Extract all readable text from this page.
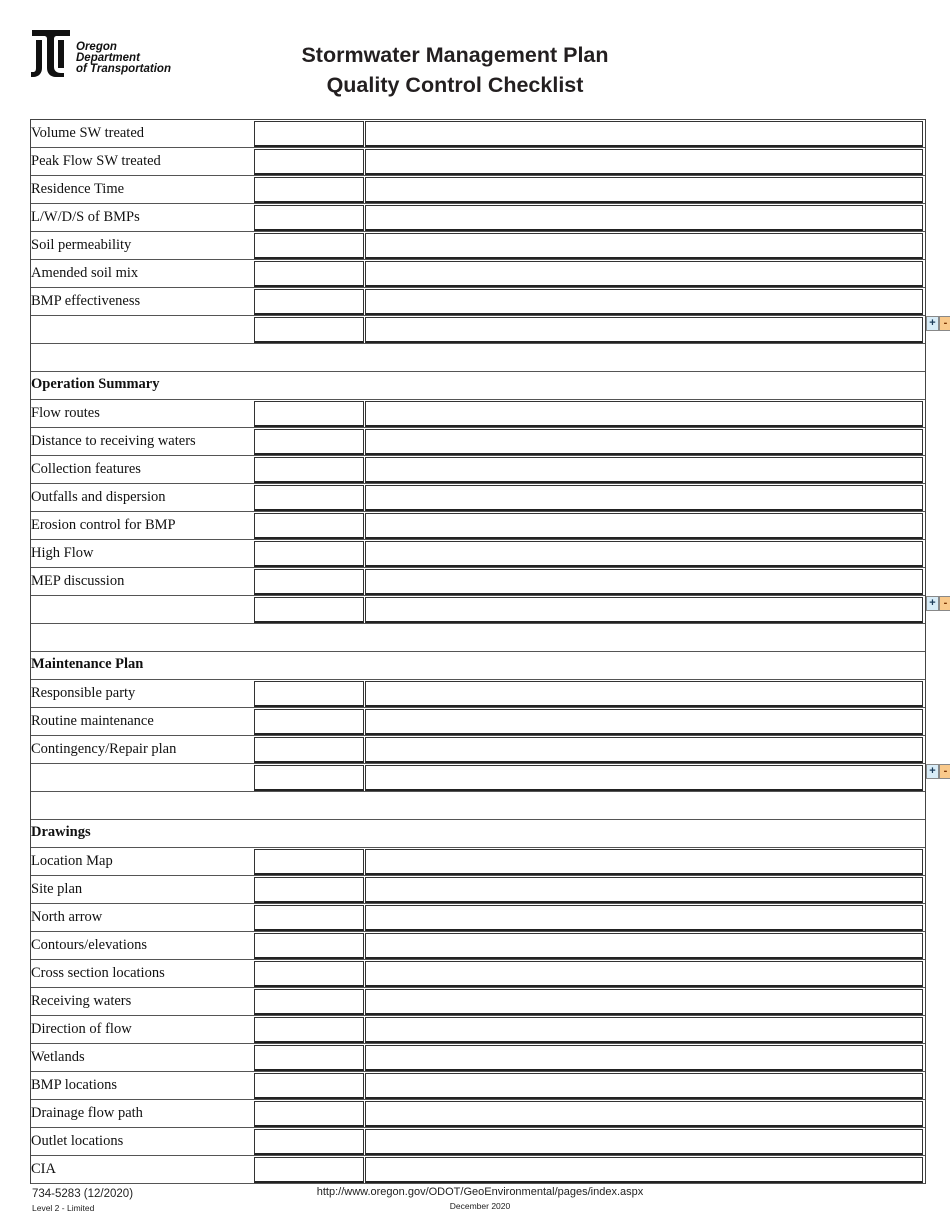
Oregon
Department
of Transportation
Stormwater Management Plan
Quality Control Checklist
Volume SW treated
Peak Flow SW treated
Residence Time
L/W/D/S of BMPs
Soil permeability
Amended soil mix
BMP effectiveness
+ -
Operation Summary
Flow routes
Distance to receiving waters
Collection features
Outfalls and dispersion
Erosion control for BMP
High Flow
MEP discussion
+ -
Maintenance Plan
Responsible party
Routine maintenance
Contingency/Repair plan
+ -
Drawings
Location Map
Site plan
North arrow
Contours/elevations
Cross section locations
Receiving waters
Direction of flow
Wetlands
BMP locations
Drainage flow path
Outlet locations
CIA
734-5283 (12/2020)
Level 2 - Limited
http://www.oregon.gov/ODOT/GeoEnvironmental/pages/index.aspx
December 2020
